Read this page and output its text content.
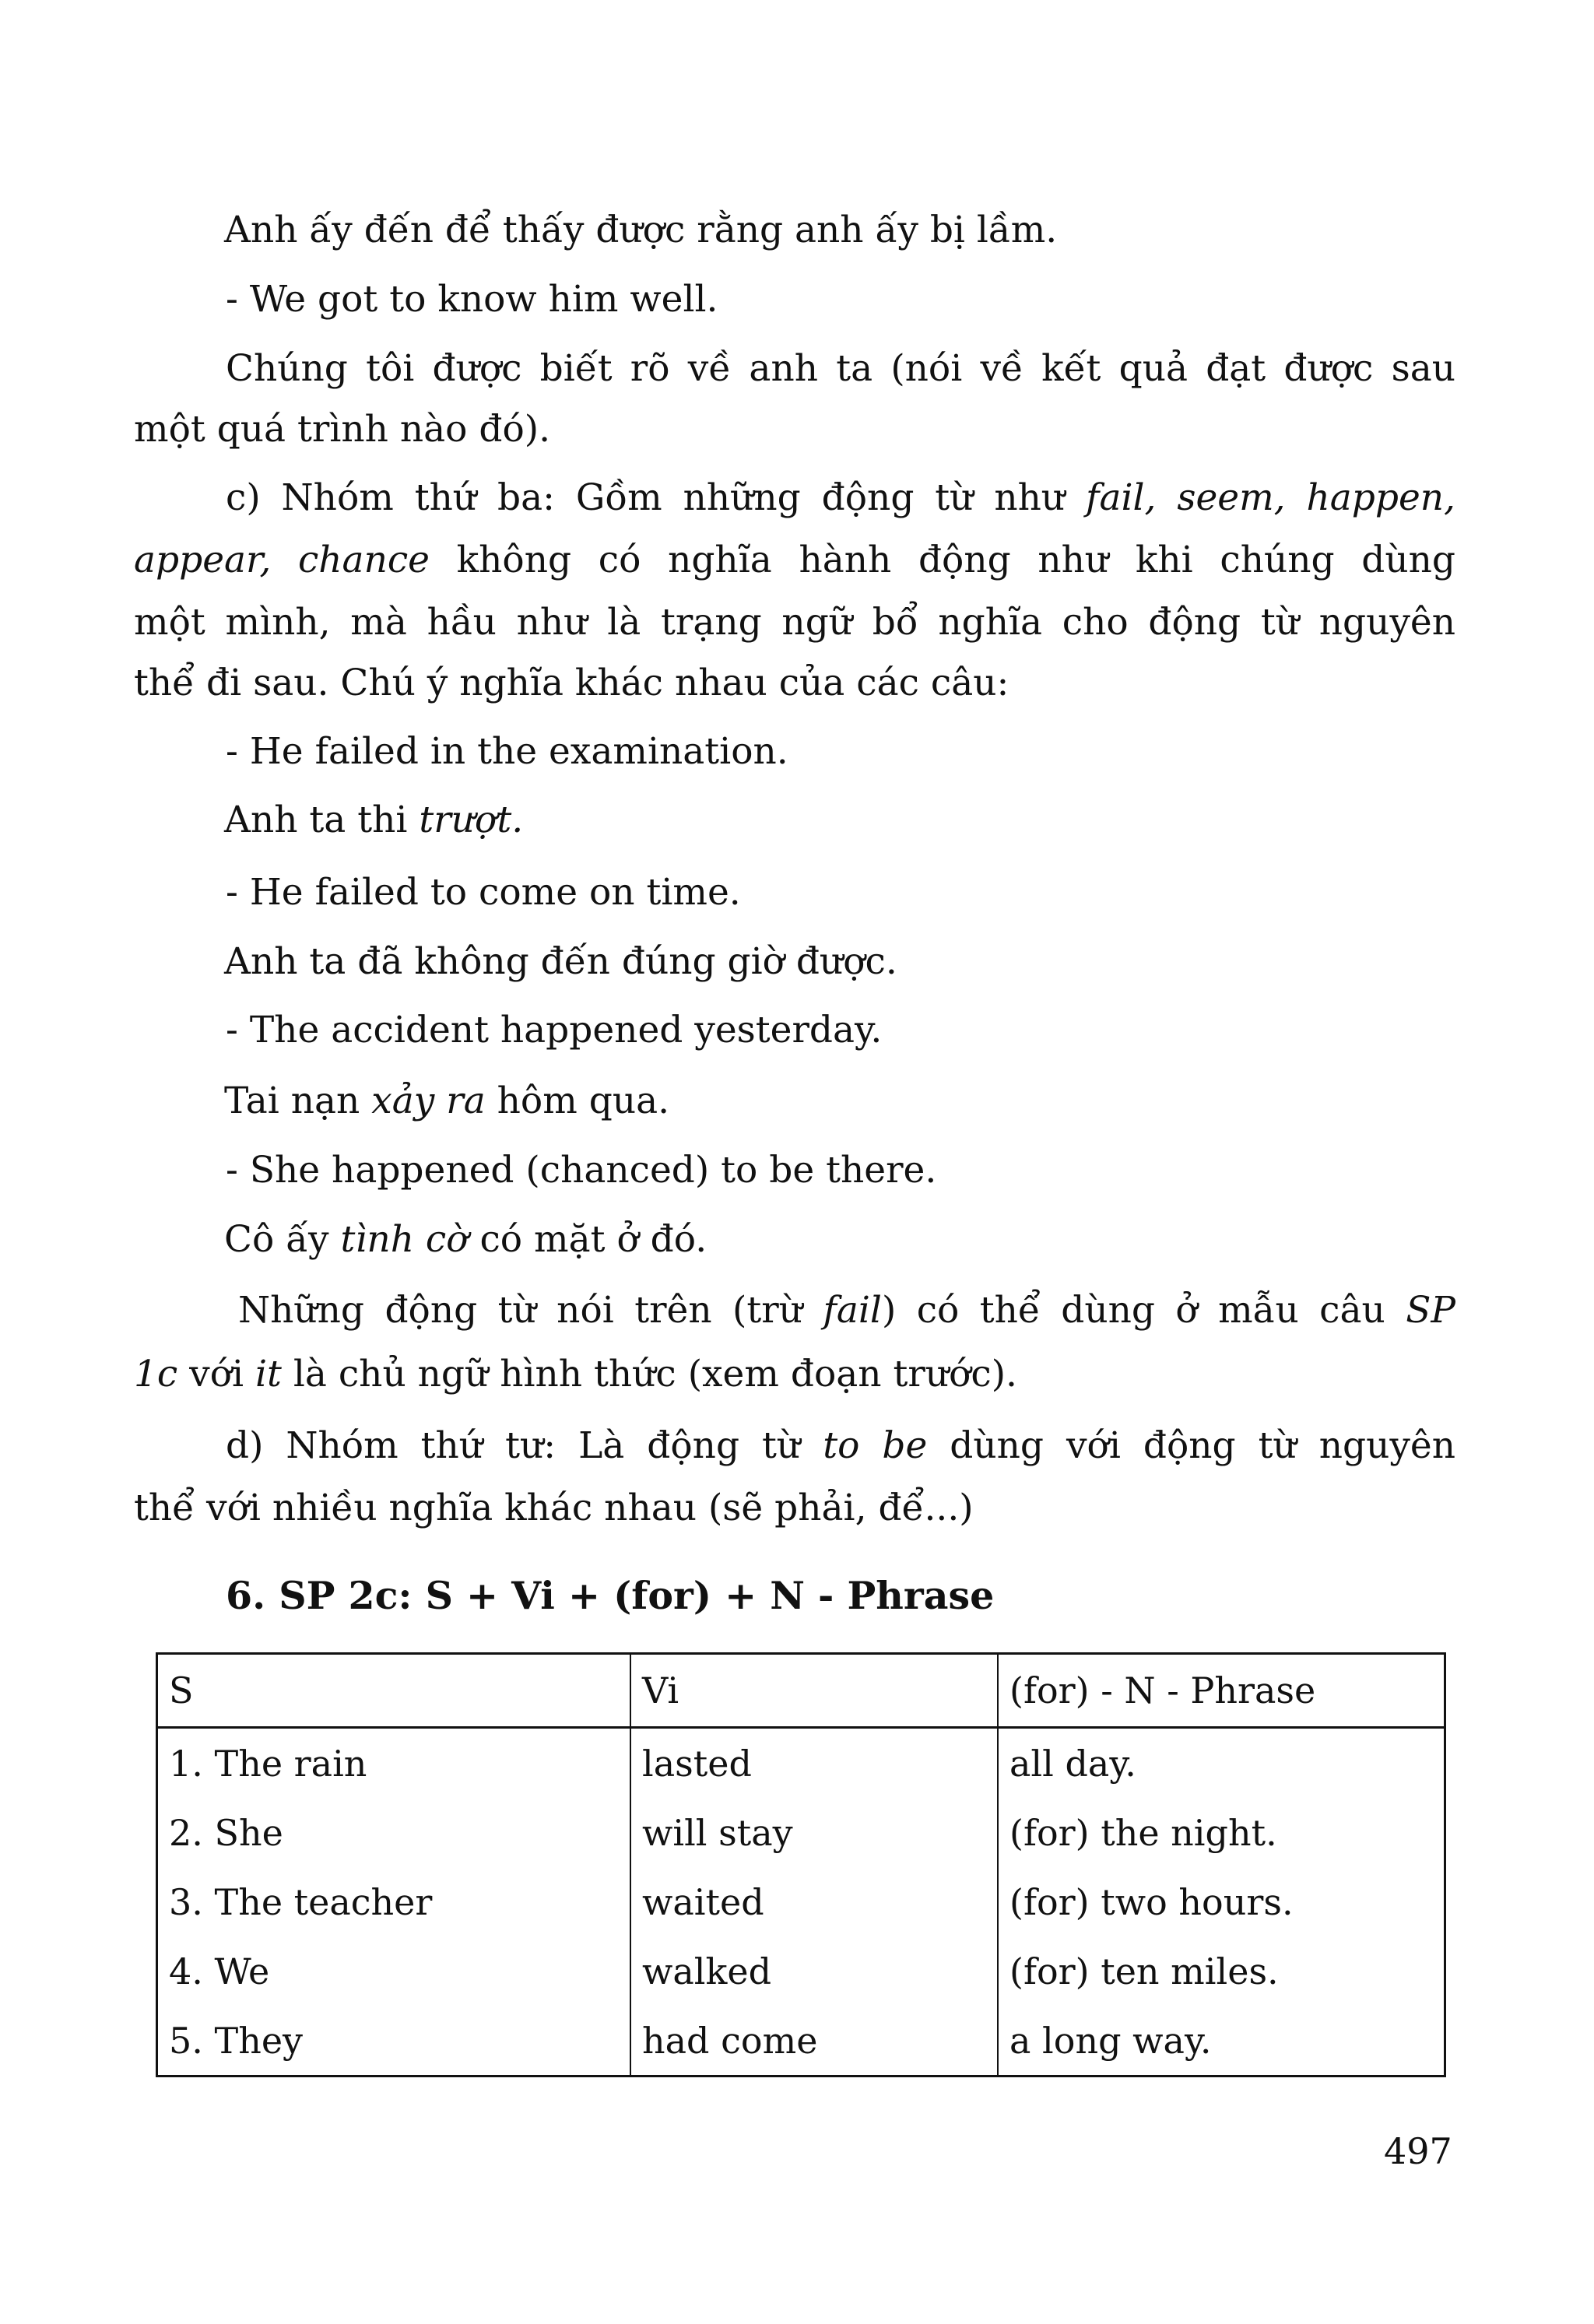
Anh ấy đến để thấy được rằng anh ấy bị lầm.

- We got to know him well.

Chúng tôi được biết rõ về anh ta (nói về kết quả đạt được sau

một quá trình nào đó).

c) Nhóm thứ ba: Gồm những động từ như fail, seem, happen,

appear, chance không có nghĩa hành động như khi chúng dùng

một mình, mà hầu như là trạng ngữ bổ nghĩa cho động từ nguyên

thể đi sau. Chú ý nghĩa khác nhau của các câu:

- He failed in the examination.

Anh ta thi trượt.

- He failed to come on time.

Anh ta đã không đến đúng giờ được.

- The accident happened yesterday.

Tai nạn xảy ra hôm qua.

- She happened (chanced) to be there.

Cô ấy tình cờ có mặt ở đó.

Những động từ nói trên (trừ fail) có thể dùng ở mẫu câu SP

1c với it là chủ ngữ hình thức (xem đoạn trước).

d) Nhóm thứ tư: Là động từ to be dùng với động từ nguyên

thể với nhiều nghĩa khác nhau (sẽ phải, để...)

6. SP 2c: S + Vi + (for) + N - Phrase

S	Vi	(for) - N - Phrase
1. The rain	lasted	all day.
2. She	will stay	(for) the night.
3. The teacher	waited	(for) two hours.
4. We	walked	(for) ten miles.
5. They	had come	a long way.

497
